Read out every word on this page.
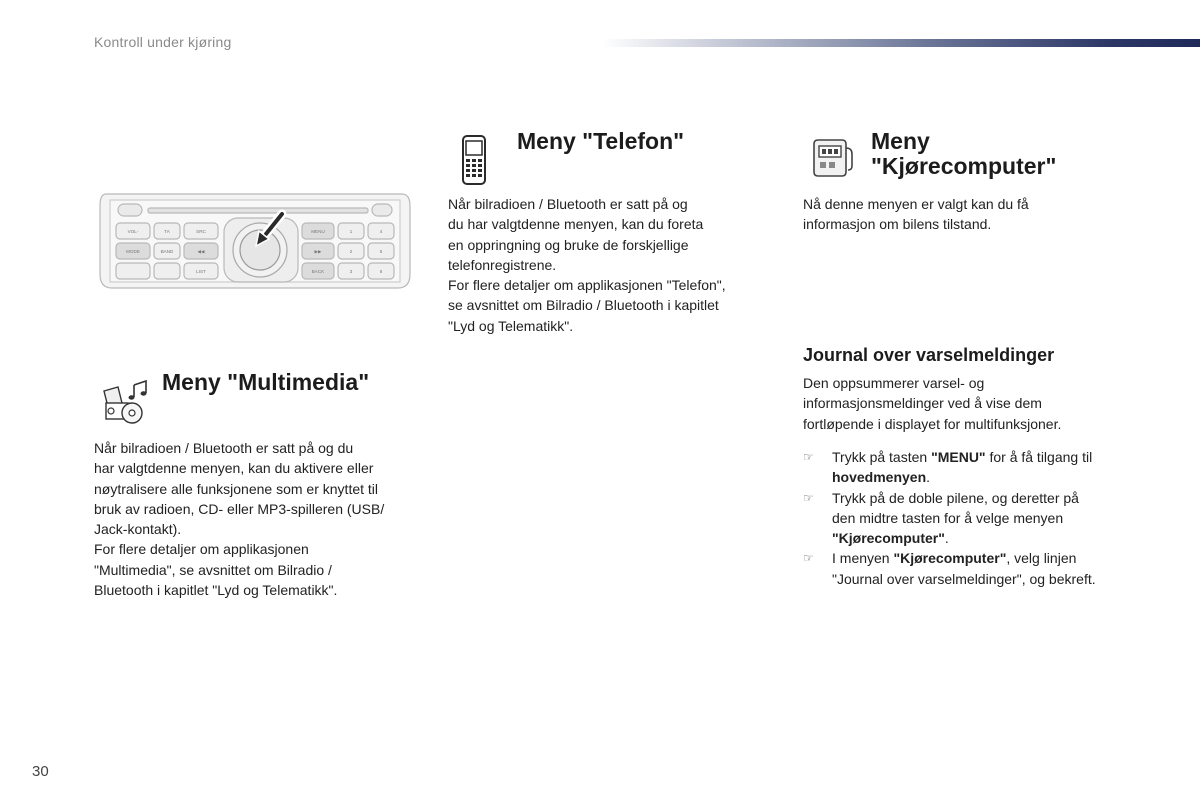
Kontroll under kjøring
VOL-	TA	SRC
MODE	BAND	◀◀
LIST
MENU
▶▶
BACK
1	4
2	5
3	6
Meny "Telefon"

Når bilradioen / Bluetooth er satt på og

du har valgtdenne menyen, kan du foreta

en oppringning og bruke de forskjellige

telefonregistrene.

For flere detaljer om applikasjonen "Telefon",

se avsnittet om Bilradio / Bluetooth i kapitlet

"Lyd og Telematikk".

Meny
"Kjørecomputer"

Nå denne menyen er valgt kan du få

informasjon om bilens tilstand.

Journal over varselmeldinger

Den oppsummerer varsel- og

informasjonsmeldinger ved å vise dem

fortløpende i displayet for multifunksjoner.

☞ Trykk på tasten "MENU" for å få tilgang til
hovedmenyen.
☞ Trykk på de doble pilene, og deretter på
den midtre tasten for å velge menyen
"Kjørecomputer".
☞ I menyen "Kjørecomputer", velg linjen
"Journal over varselmeldinger", og bekreft.
Meny "Multimedia"

Når bilradioen / Bluetooth er satt på og du

har valgtdenne menyen, kan du aktivere eller

nøytralisere alle funksjonene som er knyttet til

bruk av radioen, CD- eller MP3-spilleren (USB/

Jack-kontakt).

For flere detaljer om applikasjonen

"Multimedia", se avsnittet om Bilradio /

Bluetooth i kapitlet "Lyd og Telematikk".

30
